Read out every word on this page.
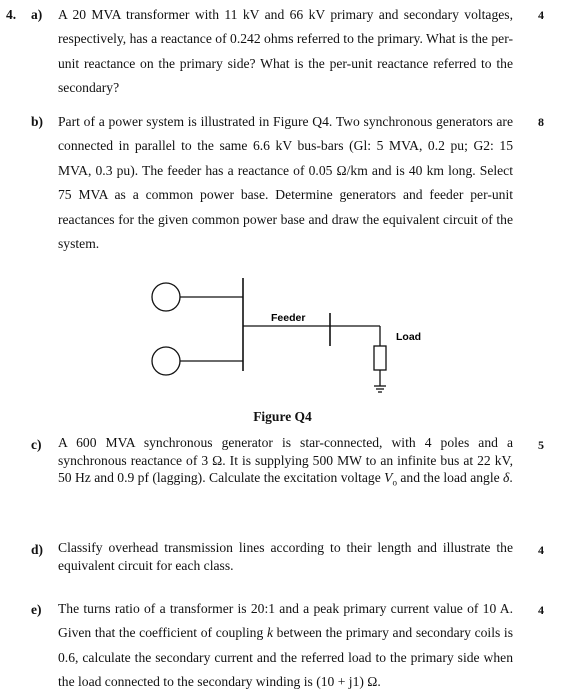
4. a)	4
A 20 MVA transformer with 11 kV and 66 kV primary and secondary voltages, respectively, has a reactance of 0.242 ohms referred to the primary. What is the per-unit reactance on the primary side? What is the per-unit reactance referred to the secondary?
b)	8
Part of a power system is illustrated in Figure Q4. Two synchronous generators are connected in parallel to the same 6.6 kV bus-bars (Gl: 5 MVA, 0.2 pu; G2: 15 MVA, 0.3 pu). The feeder has a reactance of 0.05 Ω/km and is 40 km long. Select 75 MVA as a common power base. Determine generators and feeder per-unit reactances for the given common power base and draw the equivalent circuit of the system.
Feeder
Load
Figure Q4
c)	5
A 600 MVA synchronous generator is star-connected, with 4 poles and a synchronous reactance of 3 Ω. It is supplying 500 MW to an infinite bus at 22 kV, 50 Hz and 0.9 pf (lagging). Calculate the excitation voltage $V_o$ and the load angle δ.
d)	4
Classify overhead transmission lines according to their length and illustrate the equivalent circuit for each class.
e)	4
The turns ratio of a transformer is 20:1 and a peak primary current value of 10 A. Given that the coefficient of coupling k between the primary and secondary coils is 0.6, calculate the secondary current and the referred load to the primary side when the load connected to the secondary winding is (10 + j1) Ω.
